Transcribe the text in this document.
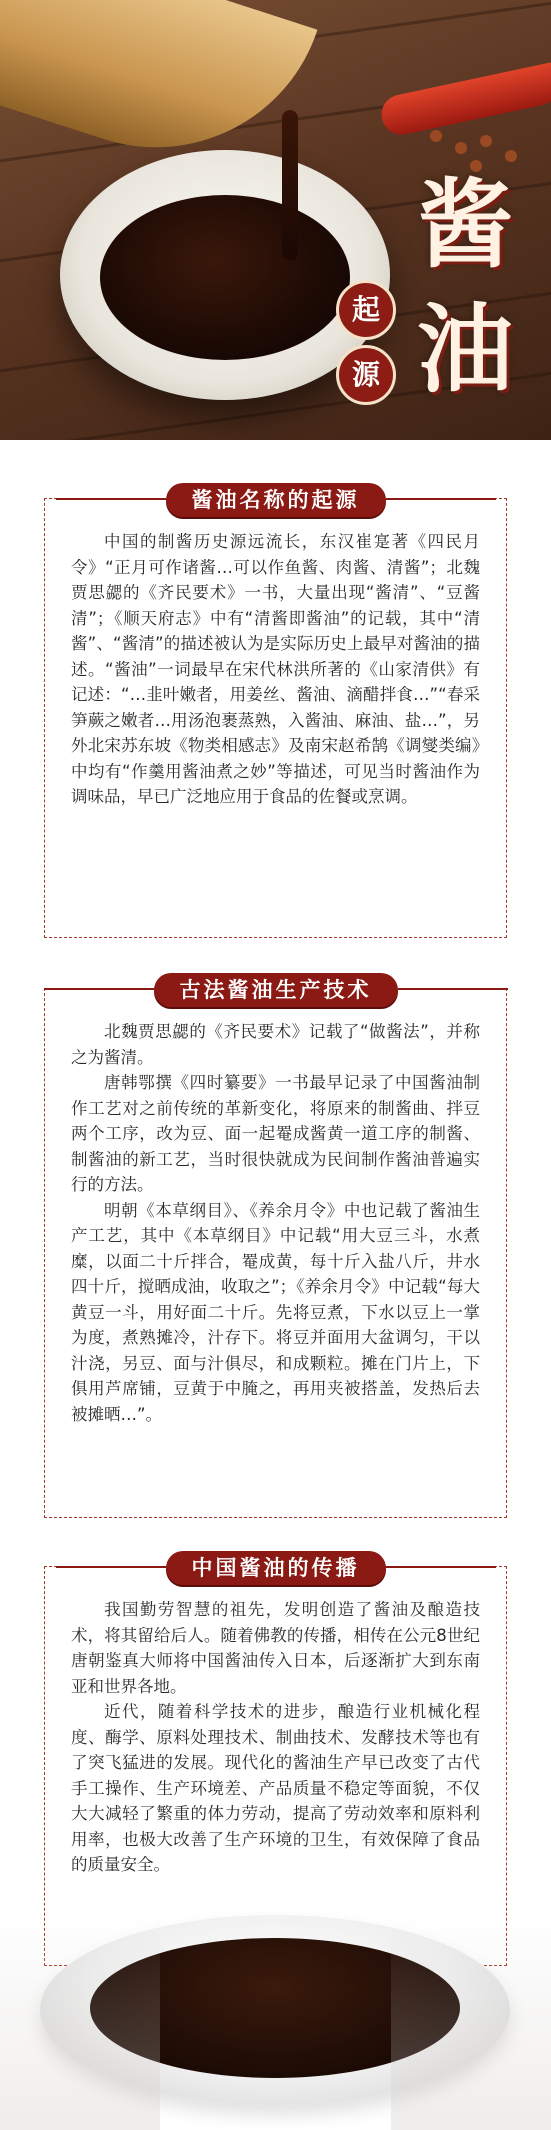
酱
油
起
源
酱油名称的起源

中国的制酱历史源远流长，东汉崔寔著《四民月令》“正月可作诸酱…可以作鱼酱、肉酱、清酱”；北魏贾思勰的《齐民要术》一书，大量出现“酱清”、“豆酱清”；《顺天府志》中有“清酱即酱油”的记载，其中“清酱”、“酱清”的描述被认为是实际历史上最早对酱油的描述。“酱油”一词最早在宋代林洪所著的《山家清供》有记述：“…韭叶嫩者，用姜丝、酱油、滴醋拌食…”“春采笋蕨之嫩者…用汤泡裹蒸熟，入酱油、麻油、盐…”，另外北宋苏东坡《物类相感志》及南宋赵希鹄《调燮类编》中均有“作羹用酱油煮之妙”等描述，可见当时酱油作为调味品，早已广泛地应用于食品的佐餐或烹调。

古法酱油生产技术

北魏贾思勰的《齐民要术》记载了“做酱法”，并称之为酱清。

唐韩鄂撰《四时纂要》一书最早记录了中国酱油制作工艺对之前传统的革新变化，将原来的制酱曲、拌豆两个工序，改为豆、面一起罨成酱黄一道工序的制酱、制酱油的新工艺，当时很快就成为民间制作酱油普遍实行的方法。

明朝《本草纲目》、《养余月令》中也记载了酱油生产工艺，其中《本草纲目》中记载“用大豆三斗，水煮糜，以面二十斤拌合，罨成黄，每十斤入盐八斤，井水四十斤，搅晒成油，收取之”；《养余月令》中记载“每大黄豆一斗，用好面二十斤。先将豆煮，下水以豆上一掌为度，煮熟摊冷，汁存下。将豆并面用大盆调匀，干以汁浇，另豆、面与汁俱尽，和成颗粒。摊在门片上，下俱用芦席铺，豆黄于中腌之，再用夹被搭盖，发热后去被摊晒…”。

中国酱油的传播

我国勤劳智慧的祖先，发明创造了酱油及酿造技术，将其留给后人。随着佛教的传播，相传在公元8世纪唐朝鉴真大师将中国酱油传入日本，后逐渐扩大到东南亚和世界各地。

近代，随着科学技术的进步，酿造行业机械化程度、酶学、原料处理技术、制曲技术、发酵技术等也有了突飞猛进的发展。现代化的酱油生产早已改变了古代手工操作、生产环境差、产品质量不稳定等面貌，不仅大大减轻了繁重的体力劳动，提高了劳动效率和原料利用率，也极大改善了生产环境的卫生，有效保障了食品的质量安全。
